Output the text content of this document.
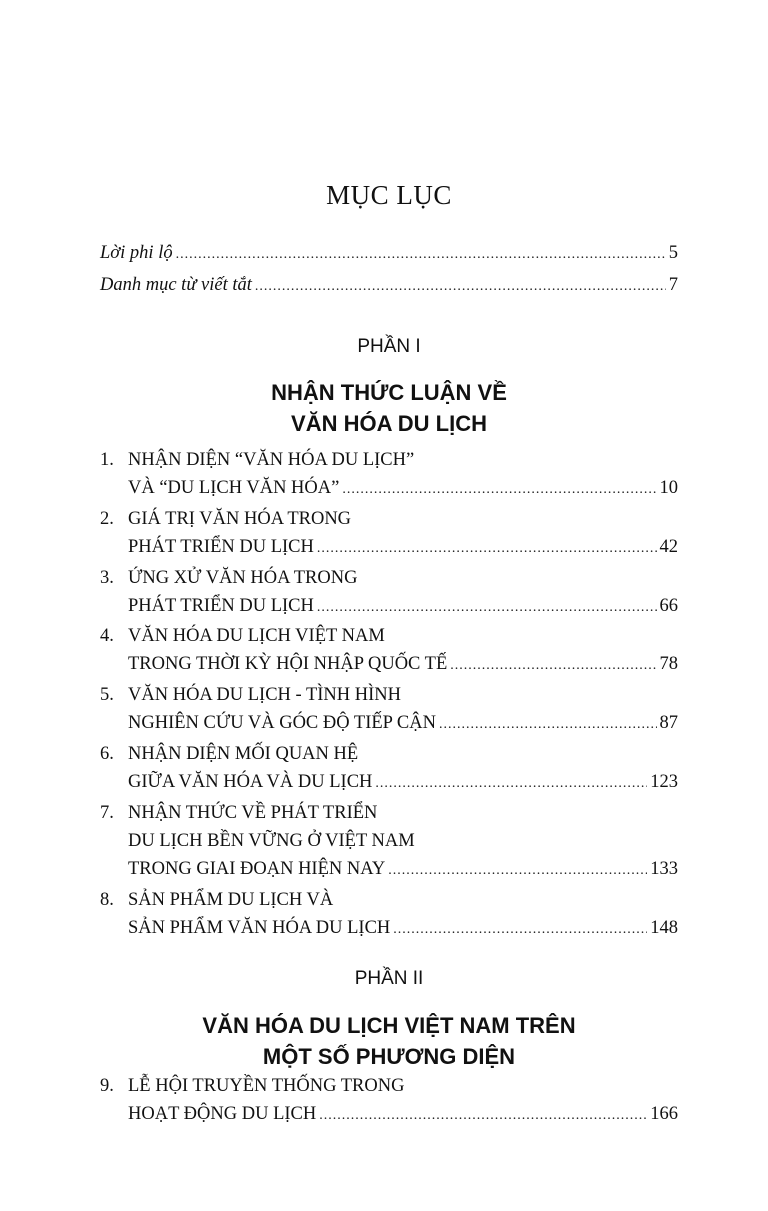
MỤC LỤC
Lời phi lộ .....	5
Danh mục từ viết tắt .....	7
PHẦN I
NHẬN THỨC LUẬN VỀ
VĂN HÓA DU LỊCH
1. NHẬN DIỆN “VĂN HÓA DU LỊCH”
VÀ “DU LỊCH VĂN HÓA” .....	10
2. GIÁ TRỊ VĂN HÓA TRONG
PHÁT TRIỂN DU LỊCH .....	42
3. ỨNG XỬ VĂN HÓA TRONG
PHÁT TRIỂN DU LỊCH .....	66
4. VĂN HÓA DU LỊCH VIỆT NAM
TRONG THỜI KỲ HỘI NHẬP QUỐC TẾ .....	78
5. VĂN HÓA DU LỊCH - TÌNH HÌNH
NGHIÊN CỨU VÀ GÓC ĐỘ TIẾP CẬN .....	87
6. NHẬN DIỆN MỐI QUAN HỆ
GIỮA VĂN HÓA VÀ DU LỊCH .....	123
7. NHẬN THỨC VỀ PHÁT TRIỂN
DU LỊCH BỀN VỮNG Ở VIỆT NAM
TRONG GIAI ĐOẠN HIỆN NAY .....	133
8. SẢN PHẨM DU LỊCH VÀ
SẢN PHẨM VĂN HÓA DU LỊCH .....	148
PHẦN II
VĂN HÓA DU LỊCH VIỆT NAM TRÊN
MỘT SỐ PHƯƠNG DIỆN
9. LỄ HỘI TRUYỀN THỐNG TRONG
HOẠT ĐỘNG DU LỊCH .....	166
